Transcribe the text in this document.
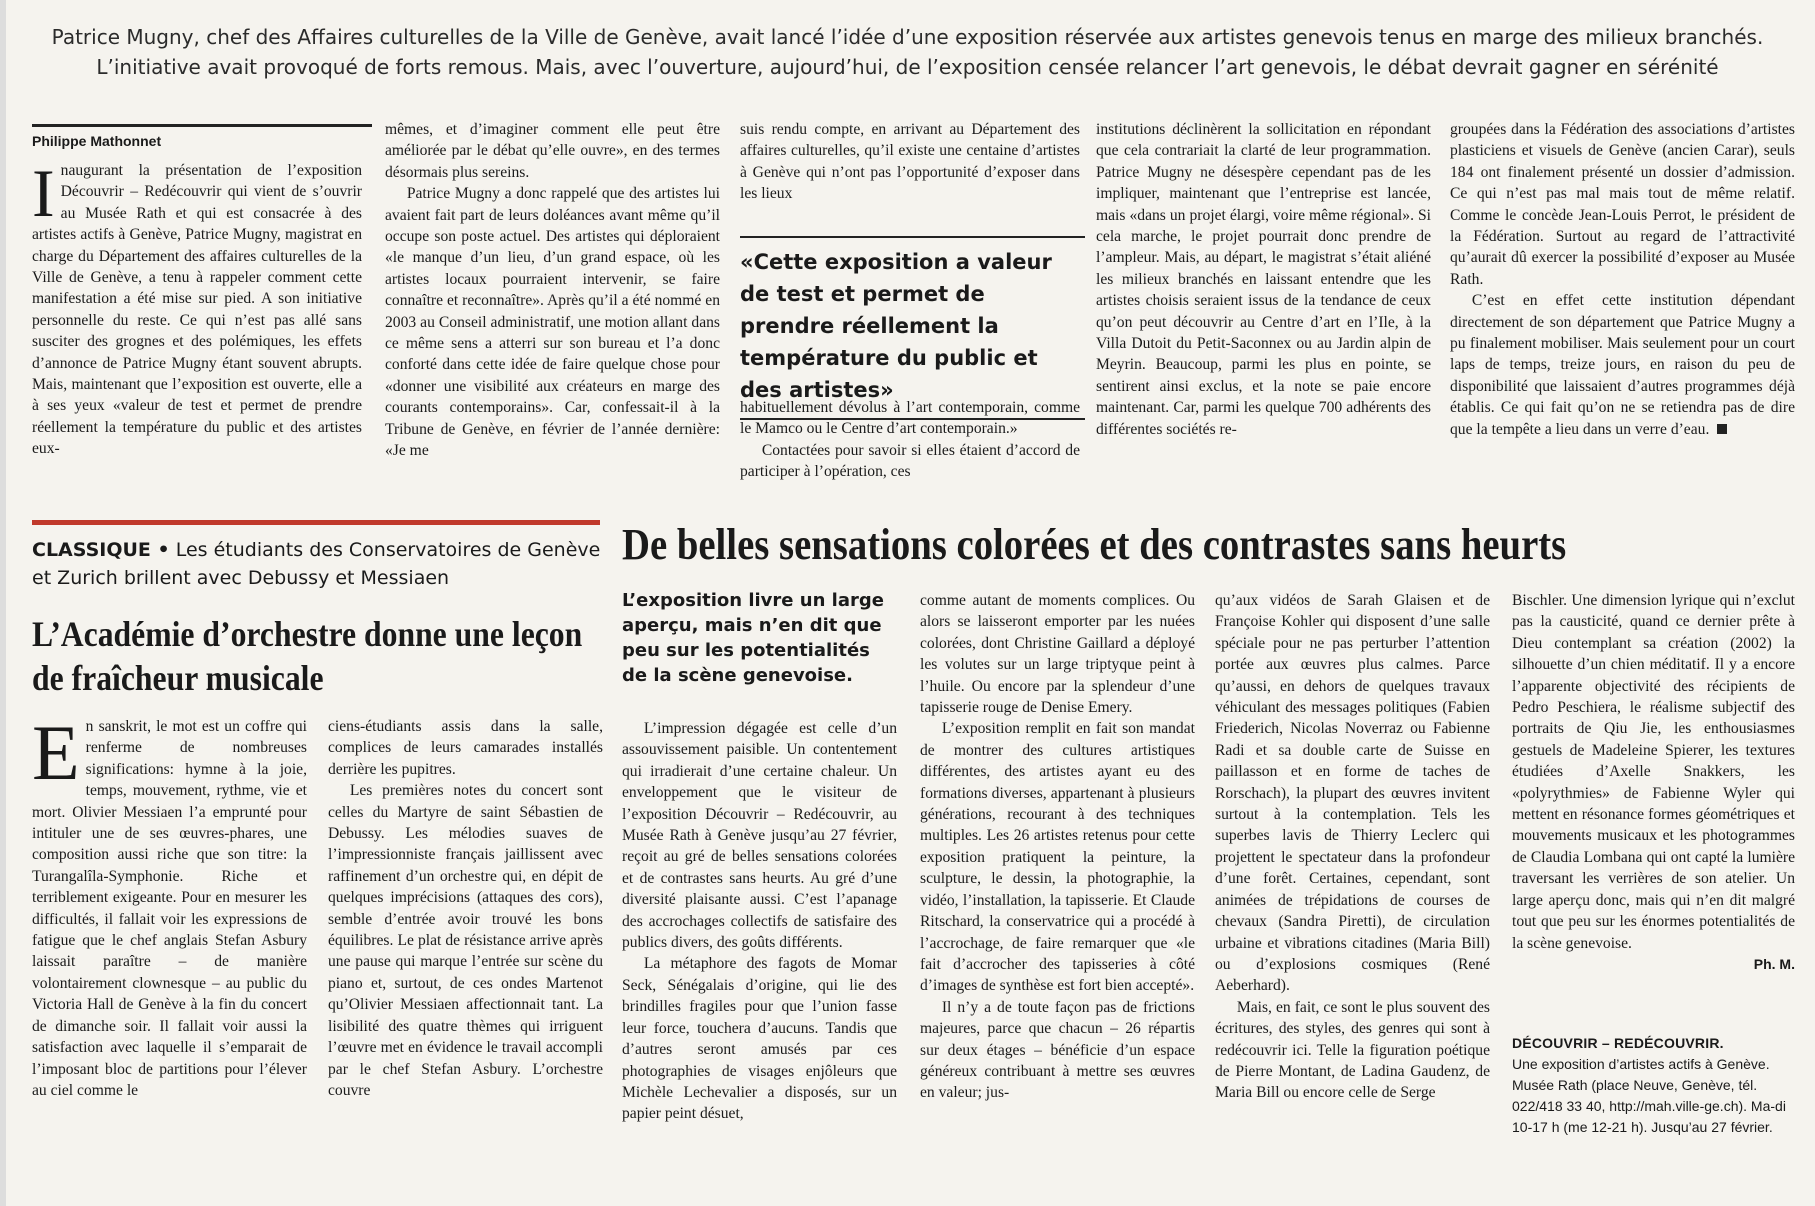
Patrice Mugny, chef des Affaires culturelles de la Ville de Genève, avait lancé l’idée d’une exposition réservée aux artistes genevois tenus en marge des milieux branchés.
L’initiative avait provoqué de forts remous. Mais, avec l’ouverture, aujourd’hui, de l’exposition censée relancer l’art genevois, le débat devrait gagner en sérénité
Philippe Mathonnet

I naugurant la présentation de l’exposition Découvrir – Redécouvrir qui vient de s’ouvrir au Musée Rath et qui est consacrée à des artistes actifs à Genève, Patrice Mugny, magistrat en charge du Département des affaires culturelles de la Ville de Genève, a tenu à rappeler comment cette manifestation a été mise sur pied. A son initiative personnelle du reste. Ce qui n’est pas allé sans susciter des grognes et des polémiques, les effets d’annonce de Patrice Mugny étant souvent abrupts. Mais, maintenant que l’exposition est ouverte, elle a à ses yeux «valeur de test et permet de prendre réellement la température du public et des artistes eux-

mêmes, et d’imaginer comment elle peut être améliorée par le débat qu’elle ouvre», en des termes désormais plus sereins.

Patrice Mugny a donc rappelé que des artistes lui avaient fait part de leurs doléances avant même qu’il occupe son poste actuel. Des artistes qui déploraient «le manque d’un lieu, d’un grand espace, où les artistes locaux pourraient intervenir, se faire connaître et reconnaître». Après qu’il a été nommé en 2003 au Conseil administratif, une motion allant dans ce même sens a atterri sur son bureau et l’a donc conforté dans cette idée de faire quelque chose pour «donner une visibilité aux créateurs en marge des courants contemporains». Car, confessait-il à la Tribune de Genève, en février de l’année dernière: «Je me

suis rendu compte, en arrivant au Département des affaires culturelles, qu’il existe une centaine d’artistes à Genève qui n’ont pas l’opportunité d’exposer dans les lieux

«Cette exposition a valeur de test et permet de prendre réellement la température du public et des artistes»

habituellement dévolus à l’art contemporain, comme le Mamco ou le Centre d’art contemporain.»

Contactées pour savoir si elles étaient d’accord de participer à l’opération, ces

institutions déclinèrent la sollicitation en répondant que cela contrariait la clarté de leur programmation. Patrice Mugny ne désespère cependant pas de les impliquer, maintenant que l’entreprise est lancée, mais «dans un projet élargi, voire même régional». Si cela marche, le projet pourrait donc prendre de l’ampleur. Mais, au départ, le magistrat s’était aliéné les milieux branchés en laissant entendre que les artistes choisis seraient issus de la tendance de ceux qu’on peut découvrir au Centre d’art en l’Ile, à la Villa Dutoit du Petit-Saconnex ou au Jardin alpin de Meyrin. Beaucoup, parmi les plus en pointe, se sentirent ainsi exclus, et la note se paie encore maintenant. Car, parmi les quelque 700 adhérents des différentes sociétés re-

groupées dans la Fédération des associations d’artistes plasticiens et visuels de Genève (ancien Carar), seuls 184 ont finalement présenté un dossier d’admission. Ce qui n’est pas mal mais tout de même relatif. Comme le concède Jean-Louis Perrot, le président de la Fédération. Surtout au regard de l’attractivité qu’aurait dû exercer la possibilité d’exposer au Musée Rath.

C’est en effet cette institution dépendant directement de son département que Patrice Mugny a pu finalement mobiliser. Mais seulement pour un court laps de temps, treize jours, en raison du peu de disponibilité que laissaient d’autres programmes déjà établis. Ce qui fait qu’on ne se retiendra pas de dire que la tempête a lieu dans un verre d’eau.

CLASSIQUE • Les étudiants des Conservatoires de Genève et Zurich brillent avec Debussy et Messiaen
L’Académie d’orchestre donne une leçon de fraîcheur musicale

E n sanskrit, le mot est un coffre qui renferme de nombreuses significations: hymne à la joie, temps, mouvement, rythme, vie et mort. Olivier Messiaen l’a emprunté pour intituler une de ses œuvres-phares, une composition aussi riche que son titre: la Turangalîla-Symphonie. Riche et terriblement exigeante. Pour en mesurer les difficultés, il fallait voir les expressions de fatigue que le chef anglais Stefan Asbury laissait paraître – de manière volontairement clownesque – au public du Victoria Hall de Genève à la fin du concert de dimanche soir. Il fallait voir aussi la satisfaction avec laquelle il s’emparait de l’imposant bloc de partitions pour l’élever au ciel comme le

ciens-étudiants assis dans la salle, complices de leurs camarades installés derrière les pupitres.

Les premières notes du concert sont celles du Martyre de saint Sébastien de Debussy. Les mélodies suaves de l’impressionniste français jaillissent avec raffinement d’un orchestre qui, en dépit de quelques imprécisions (attaques des cors), semble d’entrée avoir trouvé les bons équilibres. Le plat de résistance arrive après une pause qui marque l’entrée sur scène du piano et, surtout, de ces ondes Martenot qu’Olivier Messiaen affectionnait tant. La lisibilité des quatre thèmes qui irriguent l’œuvre met en évidence le travail accompli par le chef Stefan Asbury. L’orchestre couvre

De belles sensations colorées et des contrastes sans heurts
L’exposition livre un large aperçu, mais n’en dit que peu sur les potentialités de la scène genevoise.

L’impression dégagée est celle d’un assouvissement paisible. Un contentement qui irradierait d’une certaine chaleur. Un enveloppement que le visiteur de l’exposition Découvrir – Redécouvrir, au Musée Rath à Genève jusqu’au 27 février, reçoit au gré de belles sensations colorées et de contrastes sans heurts. Au gré d’une diversité plaisante aussi. C’est l’apanage des accrochages collectifs de satisfaire des publics divers, des goûts différents.

La métaphore des fagots de Momar Seck, Sénégalais d’origine, qui lie des brindilles fragiles pour que l’union fasse leur force, touchera d’aucuns. Tandis que d’autres seront amusés par ces photographies de visages enjôleurs que Michèle Lechevalier a disposés, sur un papier peint désuet,

comme autant de moments complices. Ou alors se laisseront emporter par les nuées colorées, dont Christine Gaillard a déployé les volutes sur un large triptyque peint à l’huile. Ou encore par la splendeur d’une tapisserie rouge de Denise Emery.

L’exposition remplit en fait son mandat de montrer des cultures artistiques différentes, des artistes ayant eu des formations diverses, appartenant à plusieurs générations, recourant à des techniques multiples. Les 26 artistes retenus pour cette exposition pratiquent la peinture, la sculpture, le dessin, la photographie, la vidéo, l’installation, la tapisserie. Et Claude Ritschard, la conservatrice qui a procédé à l’accrochage, de faire remarquer que «le fait d’accrocher des tapisseries à côté d’images de synthèse est fort bien accepté».

Il n’y a de toute façon pas de frictions majeures, parce que chacun – 26 répartis sur deux étages – bénéficie d’un espace généreux contribuant à mettre ses œuvres en valeur; jus-

qu’aux vidéos de Sarah Glaisen et de Françoise Kohler qui disposent d’une salle spéciale pour ne pas perturber l’attention portée aux œuvres plus calmes. Parce qu’aussi, en dehors de quelques travaux véhiculant des messages politiques (Fabien Friederich, Nicolas Noverraz ou Fabienne Radi et sa double carte de Suisse en paillasson et en forme de taches de Rorschach), la plupart des œuvres invitent surtout à la contemplation. Tels les superbes lavis de Thierry Leclerc qui projettent le spectateur dans la profondeur d’une forêt. Certaines, cependant, sont animées de trépidations de courses de chevaux (Sandra Piretti), de circulation urbaine et vibrations citadines (Maria Bill) ou d’explosions cosmiques (René Aeberhard).

Mais, en fait, ce sont le plus souvent des écritures, des styles, des genres qui sont à redécouvrir ici. Telle la figuration poétique de Pierre Montant, de Ladina Gaudenz, de Maria Bill ou encore celle de Serge

Bischler. Une dimension lyrique qui n’exclut pas la causticité, quand ce dernier prête à Dieu contemplant sa création (2002) la silhouette d’un chien méditatif. Il y a encore l’apparente objectivité des récipients de Pedro Peschiera, le réalisme subjectif des portraits de Qiu Jie, les enthousiasmes gestuels de Madeleine Spierer, les textures étudiées d’Axelle Snakkers, les «polyrythmies» de Fabienne Wyler qui mettent en résonance formes géométriques et mouvements musicaux et les photogrammes de Claudia Lombana qui ont capté la lumière traversant les verrières de son atelier. Un large aperçu donc, mais qui n’en dit malgré tout que peu sur les énormes potentialités de la scène genevoise.

Ph. M.
DÉCOUVRIR – REDÉCOUVRIR.
Une exposition d’artistes actifs à Genève. Musée Rath (place Neuve, Genève, tél. 022/418 33 40, http://mah.ville-ge.ch). Ma-di 10-17 h (me 12-21 h). Jusqu’au 27 février.
